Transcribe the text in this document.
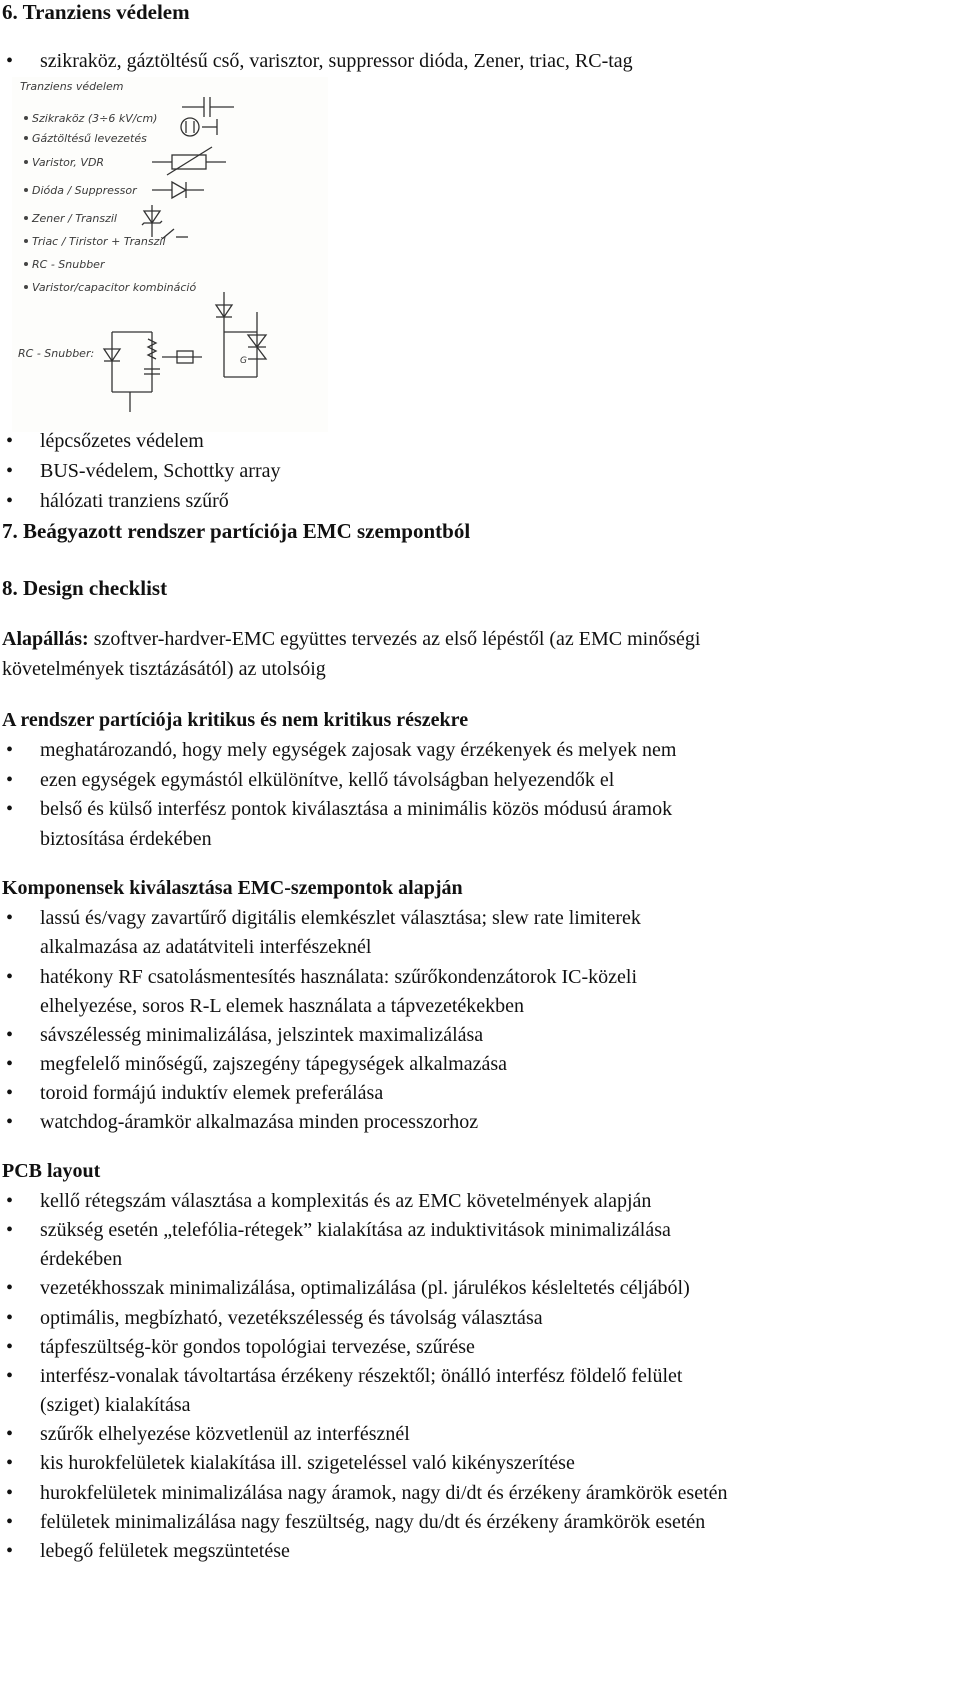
6. Tranziens védelem
• szikraköz, gáztöltésű cső, varisztor, suppressor dióda, Zener, triac, RC-tag
Tranziens védelem
Szikraköz (3÷6 kV/cm)
Gáztöltésű levezetés
Varistor, VDR
Dióda / Suppressor
Zener / Transzil
Triac / Tiristor + Transzil
RC - Snubber
Varistor/capacitor kombináció
RC - Snubber:
G
• lépcsőzetes védelem
• BUS-védelem, Schottky array
• hálózati tranziens szűrő
7. Beágyazott rendszer partíciója EMC szempontból
8. Design checklist
Alapállás: szoftver-hardver-EMC együttes tervezés az első lépéstől (az EMC minőségi
követelmények tisztázásától) az utolsóig
A rendszer partíciója kritikus és nem kritikus részekre
• meghatározandó, hogy mely egységek zajosak vagy érzékenyek és melyek nem
• ezen egységek egymástól elkülönítve, kellő távolságban helyezendők el
• belső és külső interfész pontok kiválasztása a minimális közös módusú áramok
biztosítása érdekében
Komponensek kiválasztása EMC-szempontok alapján
• lassú és/vagy zavartűrő digitális elemkészlet választása; slew rate limiterek
alkalmazása az adatátviteli interfészeknél
• hatékony RF csatolásmentesítés használata: szűrőkondenzátorok IC-közeli
elhelyezése, soros R-L elemek használata a tápvezetékekben
• sávszélesség minimalizálása, jelszintek maximalizálása
• megfelelő minőségű, zajszegény tápegységek alkalmazása
• toroid formájú induktív elemek preferálása
• watchdog-áramkör alkalmazása minden processzorhoz
PCB layout
• kellő rétegszám választása a komplexitás és az EMC követelmények alapján
• szükség esetén „telefólia-rétegek” kialakítása az induktivitások minimalizálása
érdekében
• vezetékhosszak minimalizálása, optimalizálása (pl. járulékos késleltetés céljából)
• optimális, megbízható, vezetékszélesség és távolság választása
• tápfeszültség-kör gondos topológiai tervezése, szűrése
• interfész-vonalak távoltartása érzékeny részektől; önálló interfész földelő felület
(sziget) kialakítása
• szűrők elhelyezése közvetlenül az interfésznél
• kis hurokfelületek kialakítása ill. szigeteléssel való kikényszerítése
• hurokfelületek minimalizálása nagy áramok, nagy di/dt és érzékeny áramkörök esetén
• felületek minimalizálása nagy feszültség, nagy du/dt és érzékeny áramkörök esetén
• lebegő felületek megszüntetése
